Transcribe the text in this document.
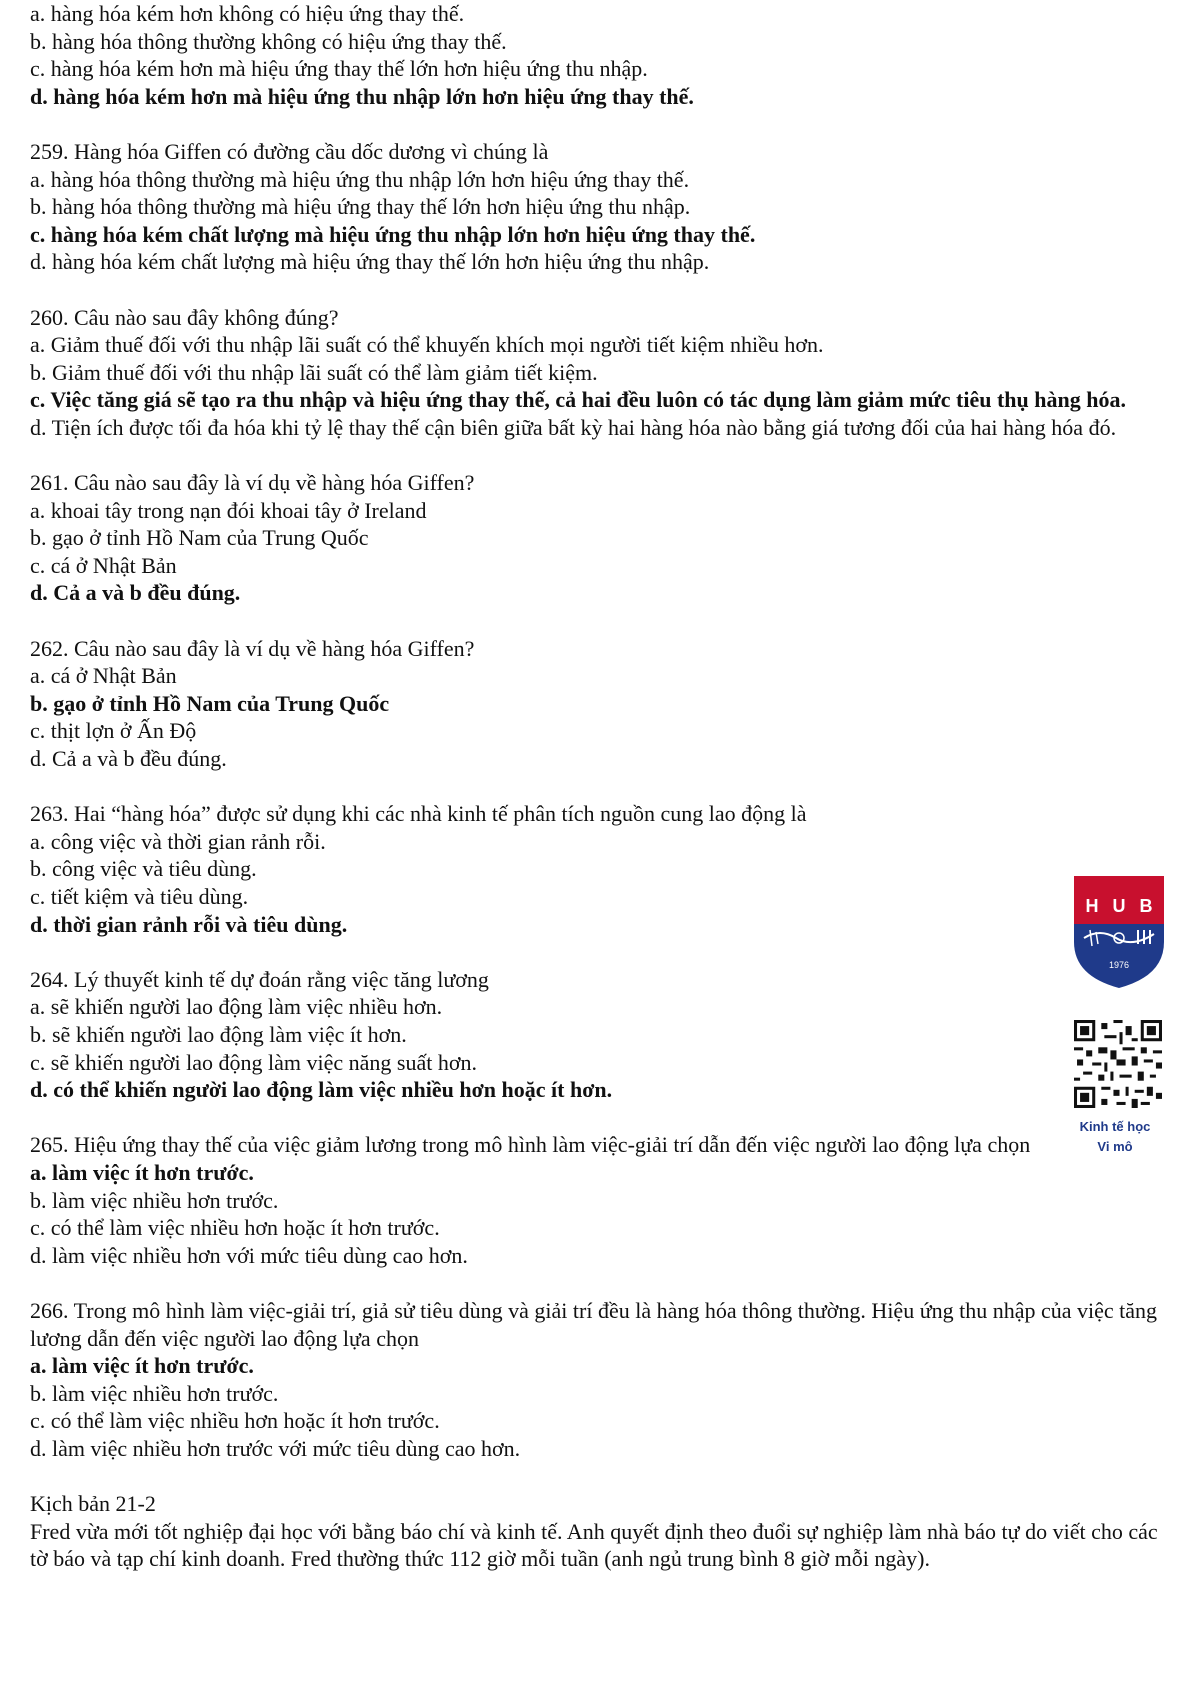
a. hàng hóa kém hơn không có hiệu ứng thay thế.
b. hàng hóa thông thường không có hiệu ứng thay thế.
c. hàng hóa kém hơn mà hiệu ứng thay thế lớn hơn hiệu ứng thu nhập.
d. hàng hóa kém hơn mà hiệu ứng thu nhập lớn hơn hiệu ứng thay thế.
259. Hàng hóa Giffen có đường cầu dốc dương vì chúng là
a. hàng hóa thông thường mà hiệu ứng thu nhập lớn hơn hiệu ứng thay thế.
b. hàng hóa thông thường mà hiệu ứng thay thế lớn hơn hiệu ứng thu nhập.
c. hàng hóa kém chất lượng mà hiệu ứng thu nhập lớn hơn hiệu ứng thay thế.
d. hàng hóa kém chất lượng mà hiệu ứng thay thế lớn hơn hiệu ứng thu nhập.
260. Câu nào sau đây không đúng?
a. Giảm thuế đối với thu nhập lãi suất có thể khuyến khích mọi người tiết kiệm nhiều hơn.
b. Giảm thuế đối với thu nhập lãi suất có thể làm giảm tiết kiệm.
c. Việc tăng giá sẽ tạo ra thu nhập và hiệu ứng thay thế, cả hai đều luôn có tác dụng làm giảm mức tiêu thụ hàng hóa.
d. Tiện ích được tối đa hóa khi tỷ lệ thay thế cận biên giữa bất kỳ hai hàng hóa nào bằng giá tương đối của hai hàng hóa đó.
261. Câu nào sau đây là ví dụ về hàng hóa Giffen?
a. khoai tây trong nạn đói khoai tây ở Ireland
b. gạo ở tỉnh Hồ Nam của Trung Quốc
c. cá ở Nhật Bản
d. Cả a và b đều đúng.
262. Câu nào sau đây là ví dụ về hàng hóa Giffen?
a. cá ở Nhật Bản
b. gạo ở tỉnh Hồ Nam của Trung Quốc
c. thịt lợn ở Ấn Độ
d. Cả a và b đều đúng.
263. Hai “hàng hóa” được sử dụng khi các nhà kinh tế phân tích nguồn cung lao động là
a. công việc và thời gian rảnh rỗi.
b. công việc và tiêu dùng.
c. tiết kiệm và tiêu dùng.
d. thời gian rảnh rỗi và tiêu dùng.
264. Lý thuyết kinh tế dự đoán rằng việc tăng lương
a. sẽ khiến người lao động làm việc nhiều hơn.
b. sẽ khiến người lao động làm việc ít hơn.
c. sẽ khiến người lao động làm việc năng suất hơn.
d. có thể khiến người lao động làm việc nhiều hơn hoặc ít hơn.
265. Hiệu ứng thay thế của việc giảm lương trong mô hình làm việc-giải trí dẫn đến việc người lao động lựa chọn
a. làm việc ít hơn trước.
b. làm việc nhiều hơn trước.
c. có thể làm việc nhiều hơn hoặc ít hơn trước.
d. làm việc nhiều hơn với mức tiêu dùng cao hơn.
266. Trong mô hình làm việc-giải trí, giả sử tiêu dùng và giải trí đều là hàng hóa thông thường. Hiệu ứng thu nhập của việc tăng lương dẫn đến việc người lao động lựa chọn
a. làm việc ít hơn trước.
b. làm việc nhiều hơn trước.
c. có thể làm việc nhiều hơn hoặc ít hơn trước.
d. làm việc nhiều hơn trước với mức tiêu dùng cao hơn.
Kịch bản 21-2
Fred vừa mới tốt nghiệp đại học với bằng báo chí và kinh tế. Anh quyết định theo đuổi sự nghiệp làm nhà báo tự do viết cho các tờ báo và tạp chí kinh doanh. Fred thường thức 112 giờ mỗi tuần (anh ngủ trung bình 8 giờ mỗi ngày).
H U B
1976
Kinh tế học
Vi mô
